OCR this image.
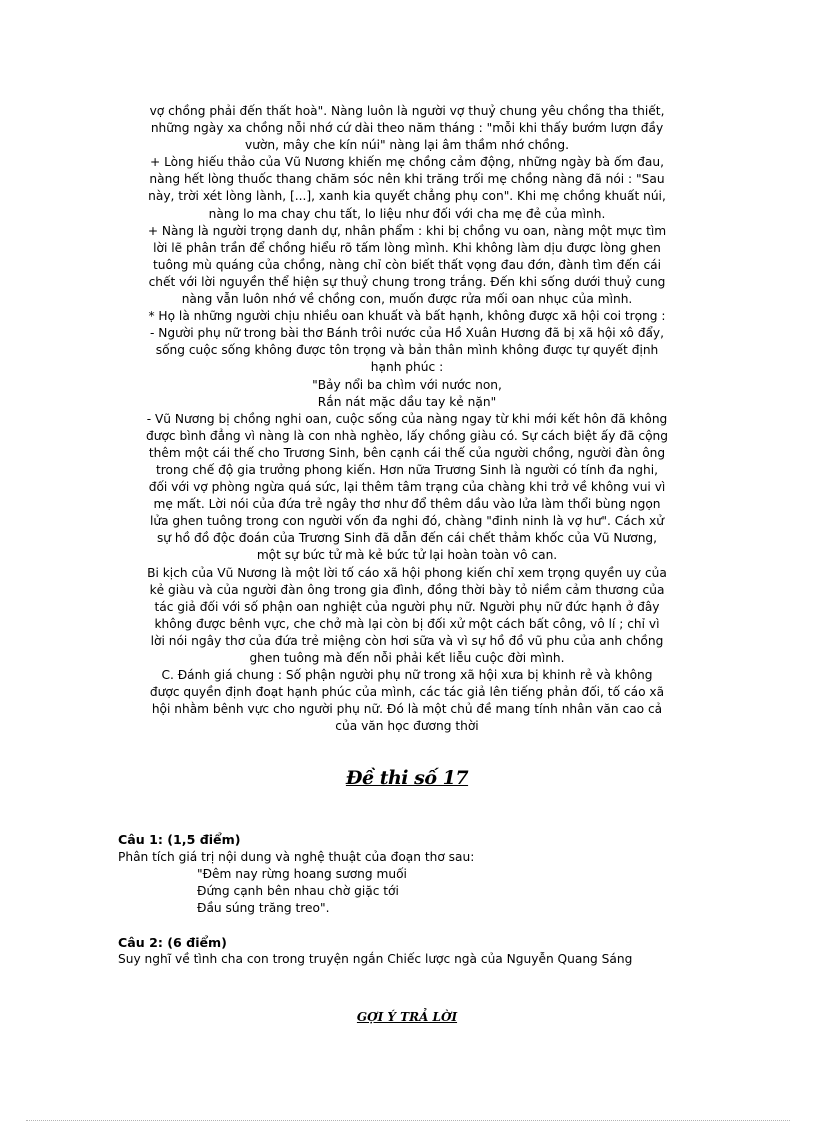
vợ chồng phải đến thất hoà". Nàng luôn là người vợ thuỷ chung yêu chồng tha thiết,

những ngày xa chồng nỗi nhớ cứ dài theo năm tháng : "mỗi khi thấy bướm lượn đầy

vườn, mây che kín núi" nàng lại âm thầm nhớ chồng.

+ Lòng hiếu thảo của Vũ Nương khiến mẹ chồng cảm động, những ngày bà ốm đau,

nàng hết lòng thuốc thang chăm sóc nên khi trăng trối mẹ chồng nàng đã nói : "Sau

này, trời xét lòng lành, [...], xanh kia quyết chẳng phụ con". Khi mẹ chồng khuất núi,

nàng lo ma chay chu tất, lo liệu như đối với cha mẹ đẻ của mình.

+ Nàng là người trọng danh dự, nhân phẩm : khi bị chồng vu oan, nàng một mực tìm

lời lẽ phân trần để chồng hiểu rõ tấm lòng mình. Khi không làm dịu được lòng ghen

tuông mù quáng của chồng, nàng chỉ còn biết thất vọng đau đớn, đành tìm đến cái

chết với lời nguyền thể hiện sự thuỷ chung trong trắng. Đến khi sống dưới thuỷ cung

nàng vẫn luôn nhớ về chồng con, muốn được rửa mối oan nhục của mình.

* Họ là những người chịu nhiều oan khuất và bất hạnh, không được xã hội coi trọng :

- Người phụ nữ trong bài thơ Bánh trôi nước của Hồ Xuân Hương đã bị xã hội xô đẩy,

sống cuộc sống không được tôn trọng và bản thân mình không được tự quyết định

hạnh phúc :

"Bảy nổi ba chìm với nước non,

Rắn nát mặc dầu tay kẻ nặn"

- Vũ Nương bị chồng nghi oan, cuộc sống của nàng ngay từ khi mới kết hôn đã không

được bình đẳng vì nàng là con nhà nghèo, lấy chồng giàu có. Sự cách biệt ấy đã cộng

thêm một cái thế cho Trương Sinh, bên cạnh cái thế của người chồng, người đàn ông

trong chế độ gia trưởng phong kiến. Hơn nữa Trương Sinh là người có tính đa nghi,

đối với vợ phòng ngừa quá sức, lại thêm tâm trạng của chàng khi trở về không vui vì

mẹ mất. Lời nói của đứa trẻ ngây thơ như đổ thêm dầu vào lửa làm thổi bùng ngọn

lửa ghen tuông trong con người vốn đa nghi đó, chàng "đinh ninh là vợ hư". Cách xử

sự hồ đồ độc đoán của Trương Sinh đã dẫn đến cái chết thảm khốc của Vũ Nương,

một sự bức tử mà kẻ bức tử lại hoàn toàn vô can.

Bi kịch của Vũ Nương là một lời tố cáo xã hội phong kiến chỉ xem trọng quyền uy của

kẻ giàu và của người đàn ông trong gia đình, đồng thời bày tỏ niềm cảm thương của

tác giả đối với số phận oan nghiệt của người phụ nữ. Người phụ nữ đức hạnh ở đây

không được bênh vực, che chở mà lại còn bị đối xử một cách bất công, vô lí ; chỉ vì

lời nói ngây thơ của đứa trẻ miệng còn hơi sữa và vì sự hồ đồ vũ phu của anh chồng

ghen tuông mà đến nỗi phải kết liễu cuộc đời mình.

C. Đánh giá chung : Số phận người phụ nữ trong xã hội xưa bị khinh rẻ và không

được quyền định đoạt hạnh phúc của mình, các tác giả lên tiếng phản đối, tố cáo xã

hội nhằm bênh vực cho người phụ nữ. Đó là một chủ đề mang tính nhân văn cao cả

của văn học đương thời

Đề thi số 17

Câu 1: (1,5 điểm)

Phân tích giá trị nội dung và nghệ thuật của đoạn thơ sau:

"Đêm nay rừng hoang sương muối

Đứng cạnh bên nhau chờ giặc tới

Đầu súng trăng treo".

Câu 2: (6 điểm)

Suy nghĩ về tình cha con trong truyện ngắn Chiếc lược ngà của Nguyễn Quang Sáng

GỢI Ý TRẢ LỜI
